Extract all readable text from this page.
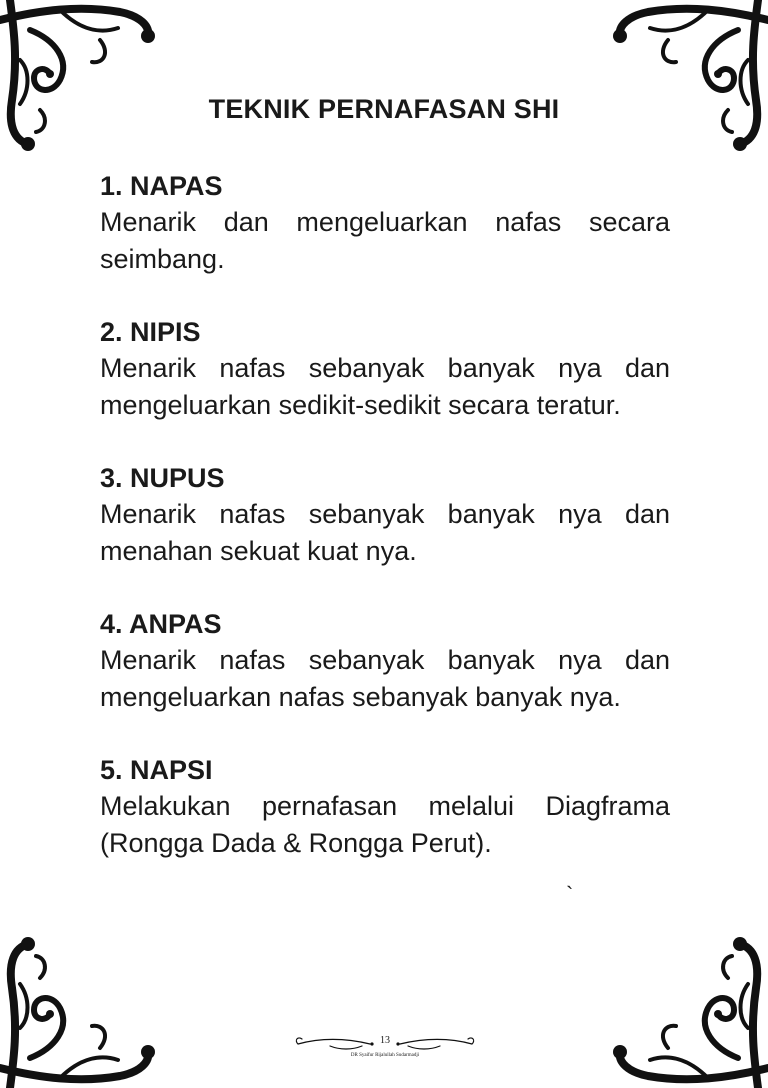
TEKNIK PERNAFASAN SHI
1. NAPAS
Menarik dan mengeluarkan nafas secara seimbang.
2. NIPIS
Menarik nafas sebanyak banyak nya dan mengeluarkan sedikit-sedikit secara teratur.
3. NUPUS
Menarik nafas sebanyak banyak nya dan menahan sekuat kuat nya.
4. ANPAS
Menarik nafas sebanyak banyak nya dan mengeluarkan nafas sebanyak banyak nya.
5. NAPSI
Melakukan pernafasan melalui Diagframa (Rongga Dada & Rongga Perut).
`
13
DR Syaifur Rijalullah Sudarmadji
